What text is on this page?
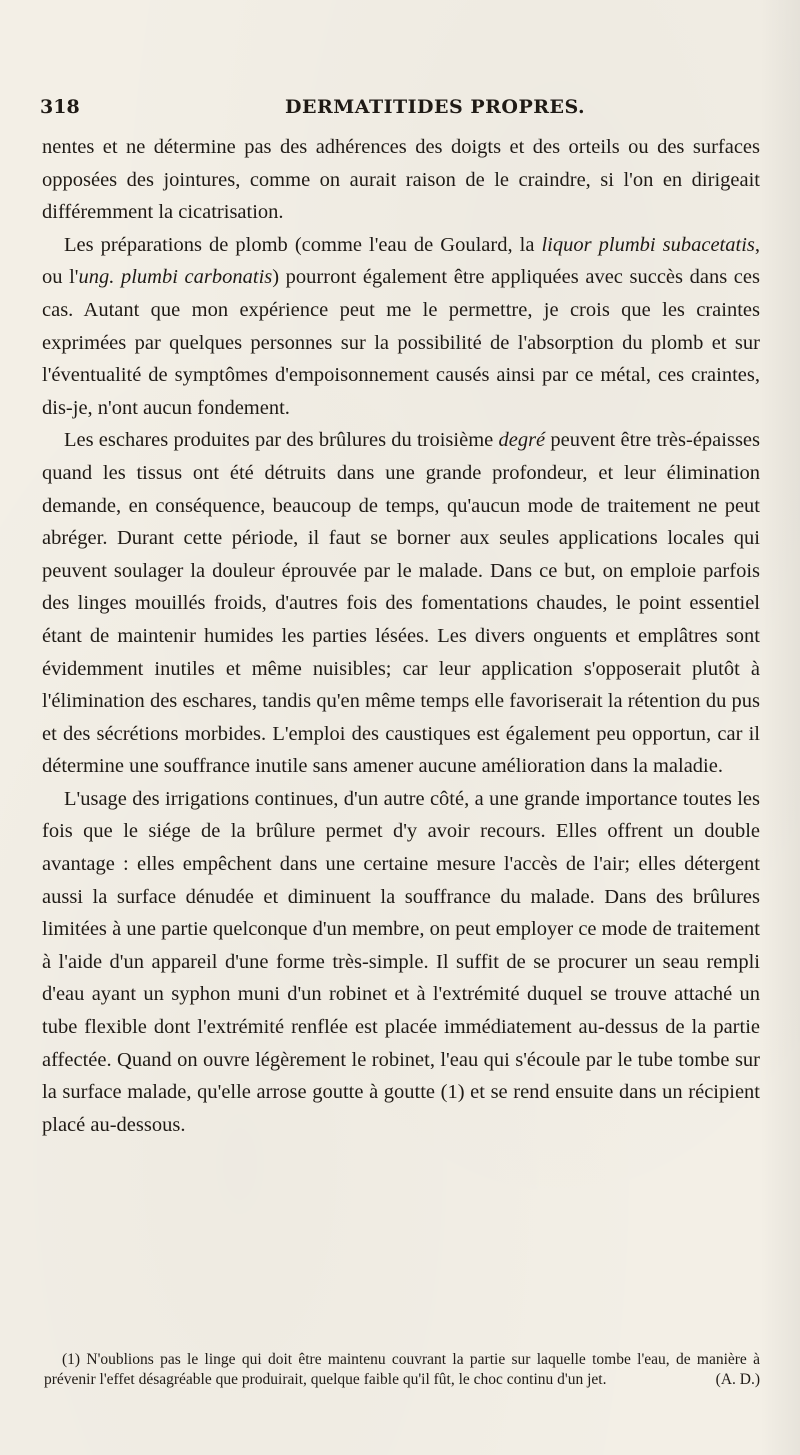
318	DERMATITIDES PROPRES.

nentes et ne détermine pas des adhérences des doigts et des orteils ou des surfaces opposées des jointures, comme on aurait raison de le craindre, si l'on en dirigeait différemment la cicatrisation.

Les préparations de plomb (comme l'eau de Goulard, la liquor plumbi subacetatis, ou l'ung. plumbi carbonatis) pourront également être appliquées avec succès dans ces cas. Autant que mon expérience peut me le permettre, je crois que les craintes exprimées par quelques personnes sur la possibilité de l'absorption du plomb et sur l'éventualité de symptômes d'empoisonnement causés ainsi par ce métal, ces craintes, dis-je, n'ont aucun fondement.

Les eschares produites par des brûlures du troisième degré peuvent être très-épaisses quand les tissus ont été détruits dans une grande profondeur, et leur élimination demande, en conséquence, beaucoup de temps, qu'aucun mode de traitement ne peut abréger. Durant cette période, il faut se borner aux seules applications locales qui peuvent soulager la douleur éprouvée par le malade. Dans ce but, on emploie parfois des linges mouillés froids, d'autres fois des fomentations chaudes, le point essentiel étant de maintenir humides les parties lésées. Les divers onguents et emplâtres sont évidemment inutiles et même nuisibles; car leur application s'opposerait plutôt à l'élimination des eschares, tandis qu'en même temps elle favoriserait la rétention du pus et des sécrétions morbides. L'emploi des caustiques est également peu opportun, car il détermine une souffrance inutile sans amener aucune amélioration dans la maladie.

L'usage des irrigations continues, d'un autre côté, a une grande importance toutes les fois que le siége de la brûlure permet d'y avoir recours. Elles offrent un double avantage : elles empêchent dans une certaine mesure l'accès de l'air; elles détergent aussi la surface dénudée et diminuent la souffrance du malade. Dans des brûlures limitées à une partie quelconque d'un membre, on peut employer ce mode de traitement à l'aide d'un appareil d'une forme très-simple. Il suffit de se procurer un seau rempli d'eau ayant un syphon muni d'un robinet et à l'extrémité duquel se trouve attaché un tube flexible dont l'extrémité renflée est placée immédiatement au-dessus de la partie affectée. Quand on ouvre légèrement le robinet, l'eau qui s'écoule par le tube tombe sur la surface malade, qu'elle arrose goutte à goutte (1) et se rend ensuite dans un récipient placé au-dessous.

(1) N'oublions pas le linge qui doit être maintenu couvrant la partie sur laquelle tombe l'eau, de manière à prévenir l'effet désagréable que produirait, quelque faible qu'il fût, le choc continu d'un jet.	(A. D.)
